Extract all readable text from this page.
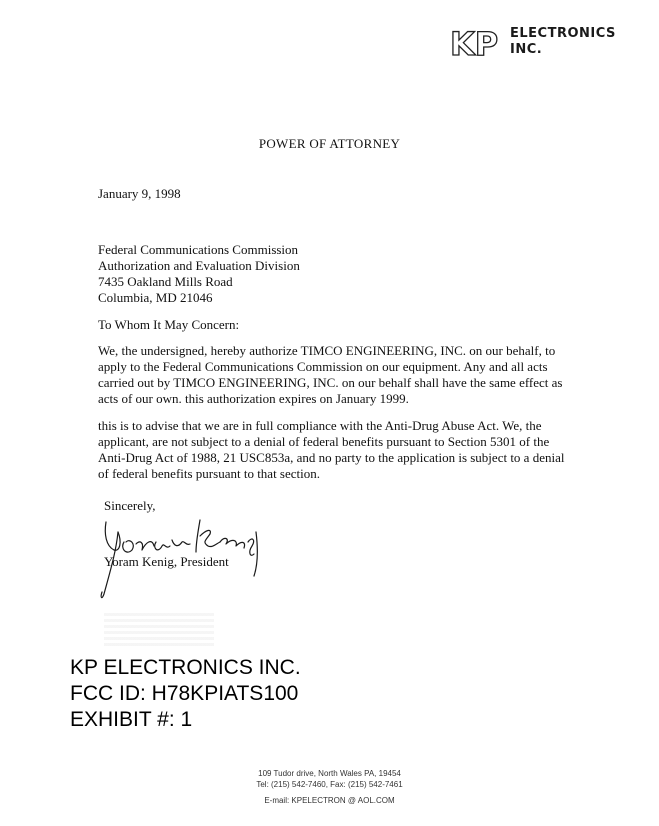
KP ELECTRONICS
INC.
POWER OF ATTORNEY
January 9, 1998
Federal Communications Commission
Authorization and Evaluation Division
7435 Oakland Mills Road
Columbia, MD 21046
To Whom It May Concern:
We, the undersigned, hereby authorize TIMCO ENGINEERING, INC. on our behalf, to
apply to the Federal Communications Commission on our equipment. Any and all acts
carried out by TIMCO ENGINEERING, INC. on our behalf shall have the same effect as
acts of our own. this authorization expires on January 1999.
this is to advise that we are in full compliance with the Anti-Drug Abuse Act. We, the
applicant, are not subject to a denial of federal benefits pursuant to Section 5301 of the
Anti-Drug Act of 1988, 21 USC853a, and no party to the application is subject to a denial
of federal benefits pursuant to that section.
Sincerely,
Yoram Kenig, President
KP ELECTRONICS INC.
FCC ID: H78KPIATS100
EXHIBIT #: 1
109 Tudor drive, North Wales PA, 19454
Tel: (215) 542-7460, Fax: (215) 542-7461
E-mail: KPELECTRON @ AOL.COM
